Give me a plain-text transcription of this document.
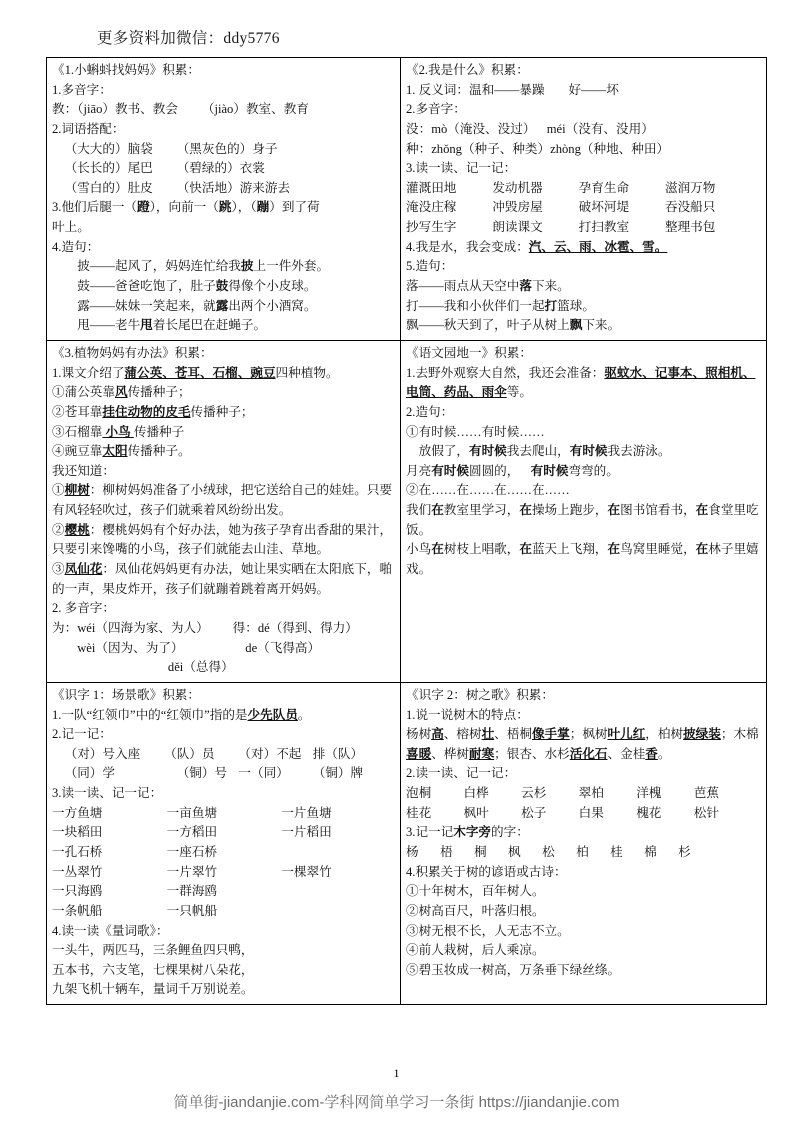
更多资料加微信：ddy5776
《1.小蝌蚪找妈妈》积累：
1.多音字：
教：（jiāo）教书、教会 （jiào）教室、教育
2.词语搭配：
（大大的）脑袋 （黑灰色的）身子
（长长的）尾巴 （碧绿的）衣裳
（雪白的）肚皮 （快活地）游来游去
3.他们后腿一（蹬），向前一（跳），（蹦）到了荷
叶上。
4.造句：
披——起风了，妈妈连忙给我披上一件外套。
鼓——爸爸吃饱了，肚子鼓得像个小皮球。
露——妹妹一笑起来，就露出两个小酒窝。
甩——老牛甩着长尾巴在赶蝇子。

《2.我是什么》积累：
1. 反义词：温和——暴躁 好——坏
2.多音字：
没：mò（淹没、没过） méi（没有、没用）
种：zhǒng（种子、种类）zhòng（种地、种田）
3.读一读、记一记：
灌溉田地	发动机器	孕育生命	滋润万物
淹没庄稼	冲毁房屋	破坏河堤	吞没船只
抄写生字	朗读课文	打扫教室	整理书包
4.我是水，我会变成：汽、云、雨、冰雹、雪。
5.造句：
落——雨点从天空中落下来。
打——我和小伙伴们一起打篮球。
飘——秋天到了，叶子从树上飘下来。

《3.植物妈妈有办法》积累：
1.课文介绍了蒲公英、苍耳、石榴、豌豆四种植物。
①蒲公英靠风传播种子；
②苍耳靠挂住动物的皮毛传播种子；
③石榴靠 小鸟 传播种子
④豌豆靠太阳传播种子。
我还知道：
①柳树：柳树妈妈准备了小绒球，把它送给自己的娃娃。只要有风轻轻吹过，孩子们就乘着风纷纷出发。
②樱桃：樱桃妈妈有个好办法，她为孩子孕育出香甜的果汁，只要引来馋嘴的小鸟，孩子们就能去山洼、草地。
③凤仙花：凤仙花妈妈更有办法，她让果实晒在太阳底下，啪的一声，果皮炸开，孩子们就蹦着跳着离开妈妈。
2. 多音字：
为：wéi（四海为家、为人） 得：dé（得到、得力）
wèi（因为、为了）	de（飞得高）
děi（总得）

《语文园地一》积累：
1.去野外观察大自然，我还会准备：驱蚊水、记事本、照相机、电筒、药品、雨伞等。
2.造句：
①有时候……有时候……
放假了，有时候我去爬山，有时候我去游泳。
月亮有时候圆圆的， 有时候弯弯的。
②在……在……在……在……
我们在教室里学习，在操场上跑步，在图书馆看书，在食堂里吃饭。
小鸟在树枝上唱歌，在蓝天上飞翔，在鸟窝里睡觉，在林子里嬉戏。

《识字 1：场景歌》积累：
1.一队“红领巾”中的“红领巾”指的是少先队员。
2.记一记：
（对）号入座 （队）员 （对）不起 排（队）
（同）学	（铜）号 一（同） （铜）牌
3.读一读、记一记：
一方鱼塘	一亩鱼塘	一片鱼塘
一块稻田	一方稻田	一片稻田
一孔石桥	一座石桥	
一丛翠竹	一片翠竹	一棵翠竹
一只海鸥	一群海鸥	
一条帆船	一只帆船	
4.读一读《量词歌》：
一头牛，两匹马，三条鲤鱼四只鸭，
五本书，六支笔，七棵果树八朵花，
九架飞机十辆车，量词千万别说差。

《识字 2：树之歌》积累：
1.说一说树木的特点：
杨树高、榕树壮、梧桐像手掌；枫树叶儿红，柏树披绿装；木棉喜暖、桦树耐寒；银杏、水杉活化石、金桂香。
2.读一读、记一记：
泡桐	白桦	云杉	翠柏	洋槐	芭蕉
桂花	枫叶	松子	白果	槐花	松针
3.记一记木字旁的字：
杨	梧	桐	枫	松	柏	桂	棉	杉
4.积累关于树的谚语或古诗：
①十年树木，百年树人。
②树高百尺，叶落归根。
③树无根不长，人无志不立。
④前人栽树，后人乘凉。
⑤碧玉妆成一树高，万条垂下绿丝绦。
1
简单街-jiandanjie.com-学科网简单学习一条街 https://jiandanjie.com
